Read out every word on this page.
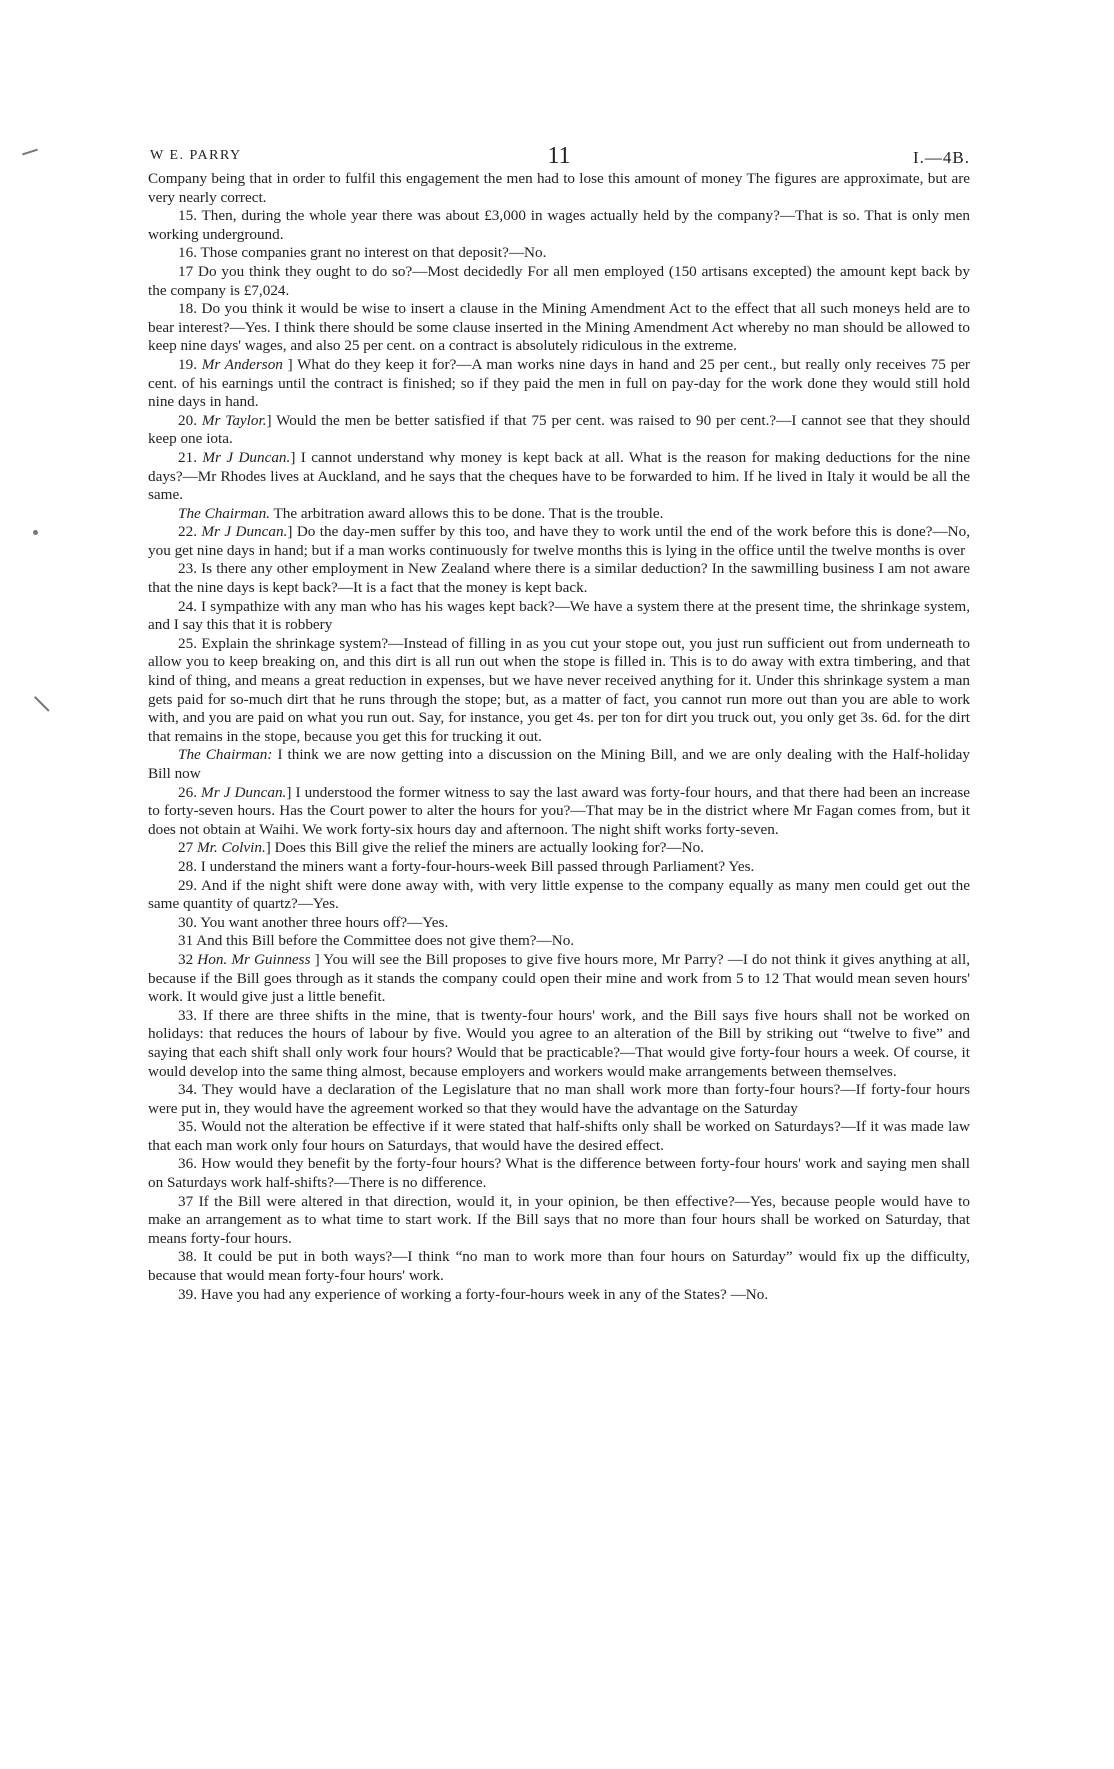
W E. PARRY	11	I.—4B.

Company being that in order to fulfil this engagement the men had to lose this amount of money The figures are approximate, but are very nearly correct.

15. Then, during the whole year there was about £3,000 in wages actually held by the company?—That is so. That is only men working underground.

16. Those companies grant no interest on that deposit?—No.

17 Do you think they ought to do so?—Most decidedly For all men employed (150 artisans excepted) the amount kept back by the company is £7,024.

18. Do you think it would be wise to insert a clause in the Mining Amendment Act to the effect that all such moneys held are to bear interest?—Yes. I think there should be some clause inserted in the Mining Amendment Act whereby no man should be allowed to keep nine days' wages, and also 25 per cent. on a contract is absolutely ridiculous in the extreme.

19. Mr Anderson ] What do they keep it for?—A man works nine days in hand and 25 per cent., but really only receives 75 per cent. of his earnings until the contract is finished; so if they paid the men in full on pay-day for the work done they would still hold nine days in hand.

20. Mr Taylor.] Would the men be better satisfied if that 75 per cent. was raised to 90 per cent.?—I cannot see that they should keep one iota.

21. Mr J Duncan.] I cannot understand why money is kept back at all. What is the reason for making deductions for the nine days?—Mr Rhodes lives at Auckland, and he says that the cheques have to be forwarded to him. If he lived in Italy it would be all the same.

The Chairman. The arbitration award allows this to be done. That is the trouble.

22. Mr J Duncan.] Do the day-men suffer by this too, and have they to work until the end of the work before this is done?—No, you get nine days in hand; but if a man works continuously for twelve months this is lying in the office until the twelve months is over

23. Is there any other employment in New Zealand where there is a similar deduction? In the sawmilling business I am not aware that the nine days is kept back?—It is a fact that the money is kept back.

24. I sympathize with any man who has his wages kept back?—We have a system there at the present time, the shrinkage system, and I say this that it is robbery

25. Explain the shrinkage system?—Instead of filling in as you cut your stope out, you just run sufficient out from underneath to allow you to keep breaking on, and this dirt is all run out when the stope is filled in. This is to do away with extra timbering, and that kind of thing, and means a great reduction in expenses, but we have never received anything for it. Under this shrinkage system a man gets paid for so-much dirt that he runs through the stope; but, as a matter of fact, you cannot run more out than you are able to work with, and you are paid on what you run out. Say, for instance, you get 4s. per ton for dirt you truck out, you only get 3s. 6d. for the dirt that remains in the stope, because you get this for trucking it out.

The Chairman: I think we are now getting into a discussion on the Mining Bill, and we are only dealing with the Half-holiday Bill now

26. Mr J Duncan.] I understood the former witness to say the last award was forty-four hours, and that there had been an increase to forty-seven hours. Has the Court power to alter the hours for you?—That may be in the district where Mr Fagan comes from, but it does not obtain at Waihi. We work forty-six hours day and afternoon. The night shift works forty-seven.

27 Mr. Colvin.] Does this Bill give the relief the miners are actually looking for?—No.

28. I understand the miners want a forty-four-hours-week Bill passed through Parliament? Yes.

29. And if the night shift were done away with, with very little expense to the company equally as many men could get out the same quantity of quartz?—Yes.

30. You want another three hours off?—Yes.

31 And this Bill before the Committee does not give them?—No.

32 Hon. Mr Guinness ] You will see the Bill proposes to give five hours more, Mr Parry? —I do not think it gives anything at all, because if the Bill goes through as it stands the company could open their mine and work from 5 to 12 That would mean seven hours' work. It would give just a little benefit.

33. If there are three shifts in the mine, that is twenty-four hours' work, and the Bill says five hours shall not be worked on holidays: that reduces the hours of labour by five. Would you agree to an alteration of the Bill by striking out “twelve to five” and saying that each shift shall only work four hours? Would that be practicable?—That would give forty-four hours a week. Of course, it would develop into the same thing almost, because employers and workers would make arrangements between themselves.

34. They would have a declaration of the Legislature that no man shall work more than forty-four hours?—If forty-four hours were put in, they would have the agreement worked so that they would have the advantage on the Saturday

35. Would not the alteration be effective if it were stated that half-shifts only shall be worked on Saturdays?—If it was made law that each man work only four hours on Saturdays, that would have the desired effect.

36. How would they benefit by the forty-four hours? What is the difference between forty-four hours' work and saying men shall on Saturdays work half-shifts?—There is no difference.

37 If the Bill were altered in that direction, would it, in your opinion, be then effective?—Yes, because people would have to make an arrangement as to what time to start work. If the Bill says that no more than four hours shall be worked on Saturday, that means forty-four hours.

38. It could be put in both ways?—I think “no man to work more than four hours on Saturday” would fix up the difficulty, because that would mean forty-four hours' work.

39. Have you had any experience of working a forty-four-hours week in any of the States? —No.
